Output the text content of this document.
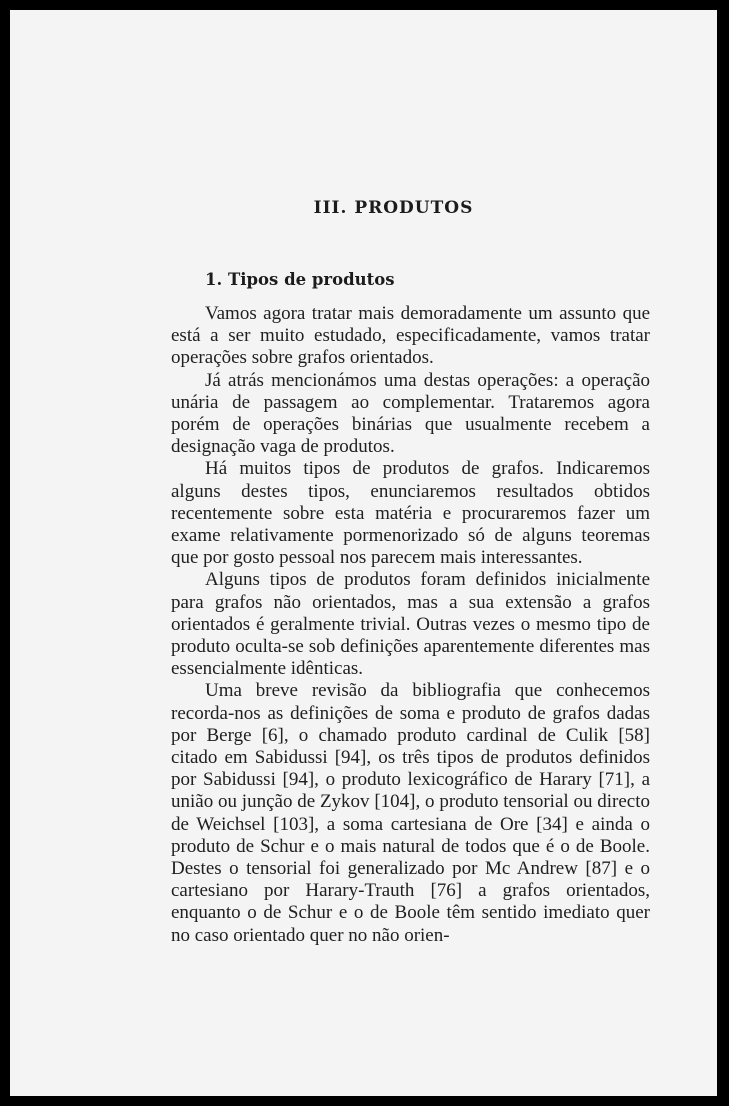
III. PRODUTOS
1. Tipos de produtos

Vamos agora tratar mais demoradamente um assunto que está a ser muito estudado, especificadamente, vamos tratar operações sobre grafos orientados.

Já atrás mencionámos uma destas operações: a operação unária de passagem ao complementar. Trataremos agora porém de operações binárias que usualmente recebem a designação vaga de produtos.

Há muitos tipos de produtos de grafos. Indicaremos alguns destes tipos, enunciaremos resultados obtidos recentemente sobre esta matéria e procuraremos fazer um exame relativamente pormenorizado só de alguns teoremas que por gosto pessoal nos parecem mais interessantes.

Alguns tipos de produtos foram definidos inicialmente para grafos não orientados, mas a sua extensão a grafos orientados é geralmente trivial. Outras vezes o mesmo tipo de produto oculta-se sob definições aparentemente diferentes mas essencialmente idênticas.

Uma breve revisão da bibliografia que conhecemos recorda-nos as definições de soma e produto de grafos dadas por Berge [6], o chamado produto cardinal de Culik [58] citado em Sabidussi [94], os três tipos de produtos definidos por Sabidussi [94], o produto lexicográfico de Harary [71], a união ou junção de Zykov [104], o produto tensorial ou directo de Weichsel [103], a soma cartesiana de Ore [34] e ainda o produto de Schur e o mais natural de todos que é o de Boole. Destes o tensorial foi generalizado por Mc Andrew [87] e o cartesiano por Harary-Trauth [76] a grafos orientados, enquanto o de Schur e o de Boole têm sentido imediato quer no caso orientado quer no não orien-
